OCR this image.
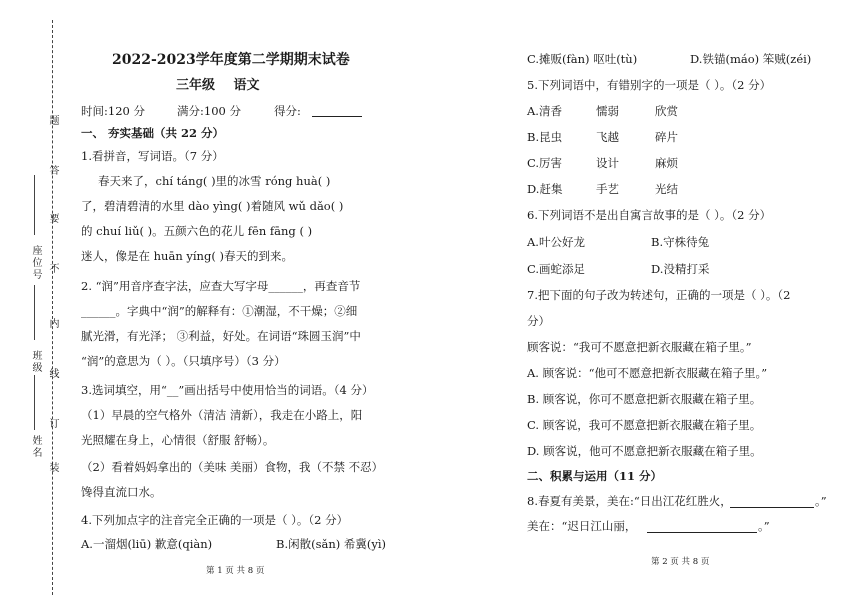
题
答
要
不
内
线
订
装
座位号
班级
姓名
2022-2023学年度第二学期期末试卷
三年级 语文
时间:120 分	满分:100 分	得分:
一、 夯实基础（共 22 分）
1.看拼音，写词语。（7 分）
春天来了，chí táng( )里的冰雪 róng huà( )
了，碧清碧清的水里 dào yìng( )着随风 wǔ dǎo( )
的 chuí liǔ( )。五颜六色的花儿 fēn fāng ( )
迷人，像是在 huān yíng( )春天的到来。
2. “润”用音序查字法，应查大写字母______，再查音节
______。字典中“润”的解释有：①潮湿，不干燥；②细
腻光滑，有光泽； ③利益，好处。在词语“珠圆玉润”中
“润”的意思为（ ）。（只填序号）（3 分）
3.选词填空，用“__”画出括号中使用恰当的词语。（4 分）
（1）早晨的空气格外（清洁 清新），我走在小路上，阳
光照耀在身上，心情很（舒服 舒畅）。
（2）看着妈妈拿出的（美味 美丽）食物，我（不禁 不忍）
馋得直流口水。
4.下列加点字的注音完全正确的一项是（ ）。（2 分）
A.一溜烟(liū) 歉意(qiàn)	B.闲散(sǎn) 希冀(yì)
第 1 页 共 8 页
C.摊贩(fàn) 呕吐(tù)	D.铁锚(máo) 笨贼(zéi)
5.下列词语中，有错别字的一项是（ ）。（2 分）
A.清香	懦弱	欣赏
B.昆虫	飞越	碎片
C.厉害	设计	麻烦
D.赶集	手艺	光结
6.下列词语不是出自寓言故事的是（ ）。（2 分）
A.叶公好龙	B.守株待兔
C.画蛇添足	D.没精打采
7.把下面的句子改为转述句，正确的一项是（ ）。（2
分）
顾客说：“我可不愿意把新衣服藏在箱子里。”
A. 顾客说：“他可不愿意把新衣服藏在箱子里。”
B. 顾客说，你可不愿意把新衣服藏在箱子里。
C. 顾客说，我可不愿意把新衣服藏在箱子里。
D. 顾客说，他可不愿意把新衣服藏在箱子里。
二、积累与运用（11 分）
8.春夏有美景，美在:“日出江花红胜火，	。”
美在：“迟日江山丽，	。”
第 2 页 共 8 页
